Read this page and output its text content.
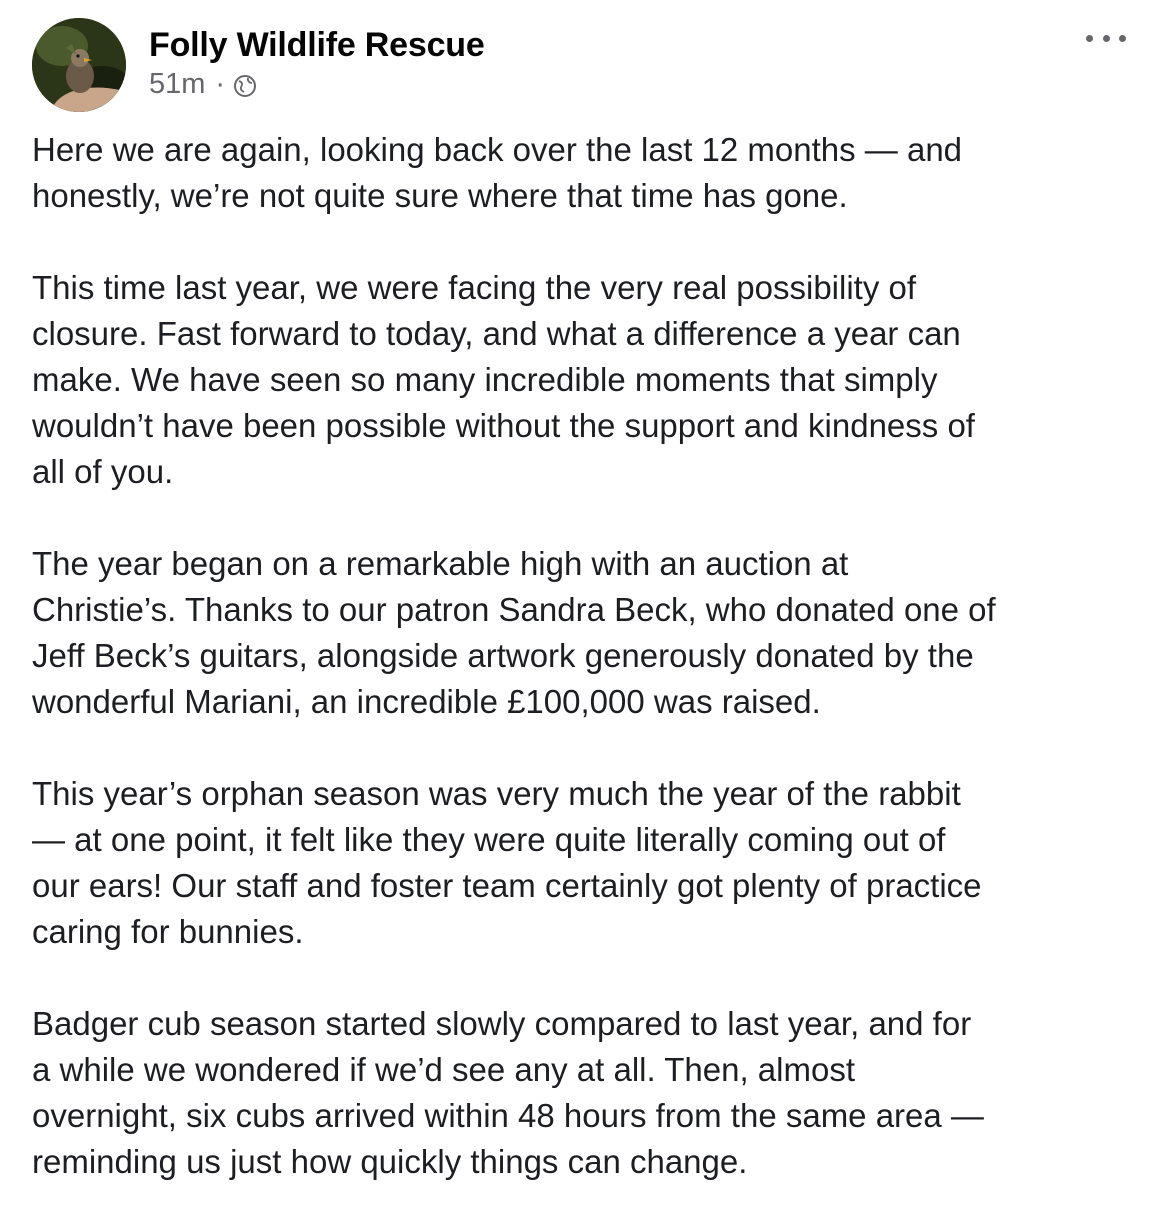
Folly Wildlife Rescue
51m ·

Here we are again, looking back over the last 12 months — and
honestly, we’re not quite sure where that time has gone.

This time last year, we were facing the very real possibility of
closure. Fast forward to today, and what a difference a year can
make. We have seen so many incredible moments that simply
wouldn’t have been possible without the support and kindness of
all of you.

The year began on a remarkable high with an auction at
Christie’s. Thanks to our patron Sandra Beck, who donated one of
Jeff Beck’s guitars, alongside artwork generously donated by the
wonderful Mariani, an incredible £100,000 was raised.

This year’s orphan season was very much the year of the rabbit
— at one point, it felt like they were quite literally coming out of
our ears! Our staff and foster team certainly got plenty of practice
caring for bunnies.

Badger cub season started slowly compared to last year, and for
a while we wondered if we’d see any at all. Then, almost
overnight, six cubs arrived within 48 hours from the same area —
reminding us just how quickly things can change.
